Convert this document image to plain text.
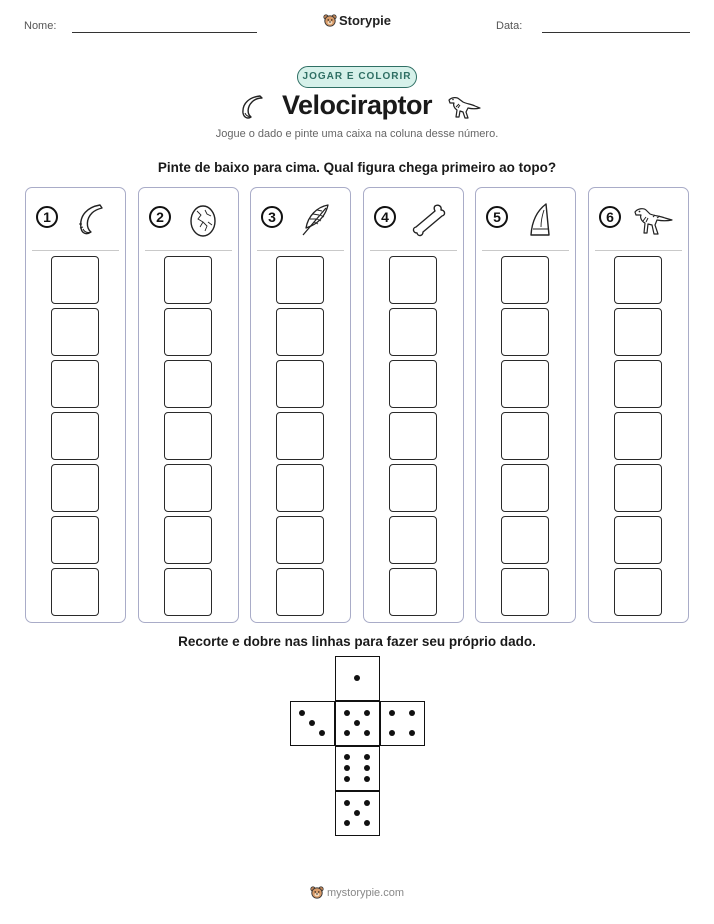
Nome:	Storypie	Data:
JOGAR E COLORIR
Velociraptor
Jogue o dado e pinte uma caixa na coluna desse número.
Pinte de baixo para cima. Qual figura chega primeiro ao topo?
1	2	3	4	5	6
Recorte e dobre nas linhas para fazer seu próprio dado.
mystorypie.com
